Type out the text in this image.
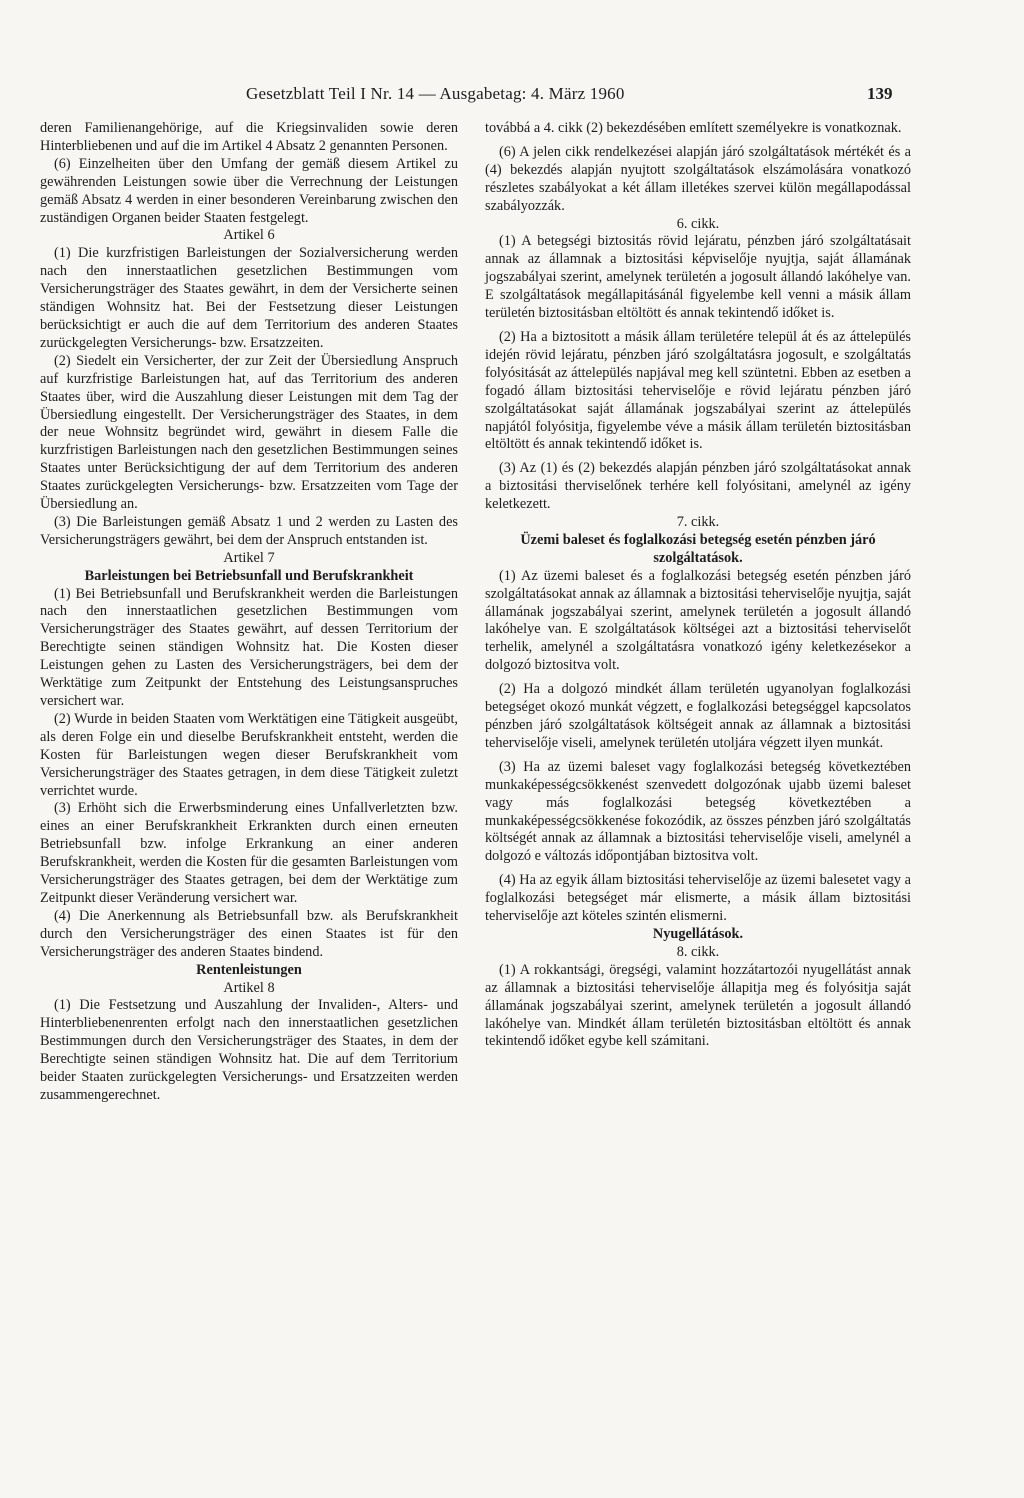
Gesetzblatt Teil I Nr. 14 — Ausgabetag: 4. März 1960	139

deren Familienangehörige, auf die Kriegsinvaliden sowie deren Hinterbliebenen und auf die im Artikel 4 Absatz 2 genannten Personen.

(6) Einzelheiten über den Umfang der gemäß diesem Artikel zu gewährenden Leistungen sowie über die Verrechnung der Leistungen gemäß Absatz 4 werden in einer besonderen Vereinbarung zwischen den zuständigen Organen beider Staaten festgelegt.

Artikel 6

(1) Die kurzfristigen Barleistungen der Sozialversicherung werden nach den innerstaatlichen gesetzlichen Bestimmungen vom Versicherungsträger des Staates gewährt, in dem der Versicherte seinen ständigen Wohnsitz hat. Bei der Festsetzung dieser Leistungen berücksichtigt er auch die auf dem Territorium des anderen Staates zurückgelegten Versicherungs- bzw. Ersatzzeiten.

(2) Siedelt ein Versicherter, der zur Zeit der Übersiedlung Anspruch auf kurzfristige Barleistungen hat, auf das Territorium des anderen Staates über, wird die Auszahlung dieser Leistungen mit dem Tag der Übersiedlung eingestellt. Der Versicherungsträger des Staates, in dem der neue Wohnsitz begründet wird, gewährt in diesem Falle die kurzfristigen Barleistungen nach den gesetzlichen Bestimmungen seines Staates unter Berücksichtigung der auf dem Territorium des anderen Staates zurückgelegten Versicherungs- bzw. Ersatzzeiten vom Tage der Übersiedlung an.

(3) Die Barleistungen gemäß Absatz 1 und 2 werden zu Lasten des Versicherungsträgers gewährt, bei dem der Anspruch entstanden ist.

Artikel 7

Barleistungen bei Betriebsunfall und Berufskrankheit

(1) Bei Betriebsunfall und Berufskrankheit werden die Barleistungen nach den innerstaatlichen gesetzlichen Bestimmungen vom Versicherungsträger des Staates gewährt, auf dessen Territorium der Berechtigte seinen ständigen Wohnsitz hat. Die Kosten dieser Leistungen gehen zu Lasten des Versicherungsträgers, bei dem der Werktätige zum Zeitpunkt der Entstehung des Leistungsanspruches versichert war.

(2) Wurde in beiden Staaten vom Werktätigen eine Tätigkeit ausgeübt, als deren Folge ein und dieselbe Berufskrankheit entsteht, werden die Kosten für Barleistungen wegen dieser Berufskrankheit vom Versicherungsträger des Staates getragen, in dem diese Tätigkeit zuletzt verrichtet wurde.

(3) Erhöht sich die Erwerbsminderung eines Unfallverletzten bzw. eines an einer Berufskrankheit Erkrankten durch einen erneuten Betriebsunfall bzw. infolge Erkrankung an einer anderen Berufskrankheit, werden die Kosten für die gesamten Barleistungen vom Versicherungsträger des Staates getragen, bei dem der Werktätige zum Zeitpunkt dieser Veränderung versichert war.

(4) Die Anerkennung als Betriebsunfall bzw. als Berufskrankheit durch den Versicherungsträger des einen Staates ist für den Versicherungsträger des anderen Staates bindend.

Rentenleistungen

Artikel 8

(1) Die Festsetzung und Auszahlung der Invaliden-, Alters- und Hinterbliebenenrenten erfolgt nach den innerstaatlichen gesetzlichen Bestimmungen durch den Versicherungsträger des Staates, in dem der Berechtigte seinen ständigen Wohnsitz hat. Die auf dem Territorium beider Staaten zurückgelegten Versicherungs- und Ersatzzeiten werden zusammengerechnet.

továbbá a 4. cikk (2) bekezdésében említett személyekre is vonatkoznak.

(6) A jelen cikk rendelkezései alapján járó szolgáltatások mértékét és a (4) bekezdés alapján nyujtott szolgáltatások elszámolására vonatkozó részletes szabályokat a két állam illetékes szervei külön megállapodással szabályozzák.

6. cikk.

(1) A betegségi biztositás rövid lejáratu, pénzben járó szolgáltatásait annak az államnak a biztositási képviselője nyujtja, saját államának jogszabályai szerint, amelynek területén a jogosult állandó lakóhelye van. E szolgáltatások megállapitásánál figyelembe kell venni a másik állam területén biztositásban eltöltött és annak tekintendő időket is.

(2) Ha a biztositott a másik állam területére települ át és az áttelepülés idején rövid lejáratu, pénzben járó szolgáltatásra jogosult, e szolgáltatás folyósitását az áttelepülés napjával meg kell szüntetni. Ebben az esetben a fogadó állam biztositási teherviselője e rövid lejáratu pénzben járó szolgáltatásokat saját államának jogszabályai szerint az áttelepülés napjától folyósitja, figyelembe véve a másik állam területén biztositásban eltöltött és annak tekintendő időket is.

(3) Az (1) és (2) bekezdés alapján pénzben járó szolgáltatásokat annak a biztositási therviselőnek terhére kell folyósitani, amelynél az igény keletkezett.

7. cikk.

Üzemi baleset és foglalkozási betegség esetén pénzben járó szolgáltatások.

(1) Az üzemi baleset és a foglalkozási betegség esetén pénzben járó szolgáltatásokat annak az államnak a biztositási teherviselője nyujtja, saját államának jogszabályai szerint, amelynek területén a jogosult állandó lakóhelye van. E szolgáltatások költségei azt a biztositási teherviselőt terhelik, amelynél a szolgáltatásra vonatkozó igény keletkezésekor a dolgozó biztositva volt.

(2) Ha a dolgozó mindkét állam területén ugyanolyan foglalkozási betegséget okozó munkát végzett, e foglalkozási betegséggel kapcsolatos pénzben járó szolgáltatások költségeit annak az államnak a biztositási teherviselője viseli, amelynek területén utoljára végzett ilyen munkát.

(3) Ha az üzemi baleset vagy foglalkozási betegség következtében munkaképességcsökkenést szenvedett dolgozónak ujabb üzemi baleset vagy más foglalkozási betegség következtében a munkaképességcsökkenése fokozódik, az összes pénzben járó szolgáltatás költségét annak az államnak a biztositási teherviselője viseli, amelynél a dolgozó e változás időpontjában biztositva volt.

(4) Ha az egyik állam biztositási teherviselője az üzemi balesetet vagy a foglalkozási betegséget már elismerte, a másik állam biztositási teherviselője azt köteles szintén elismerni.

Nyugellátások.

8. cikk.

(1) A rokkantsági, öregségi, valamint hozzátartozói nyugellátást annak az államnak a biztositási teherviselője állapitja meg és folyósitja saját államának jogszabályai szerint, amelynek területén a jogosult állandó lakóhelye van. Mindkét állam területén biztositásban eltöltött és annak tekintendő időket egybe kell számitani.
